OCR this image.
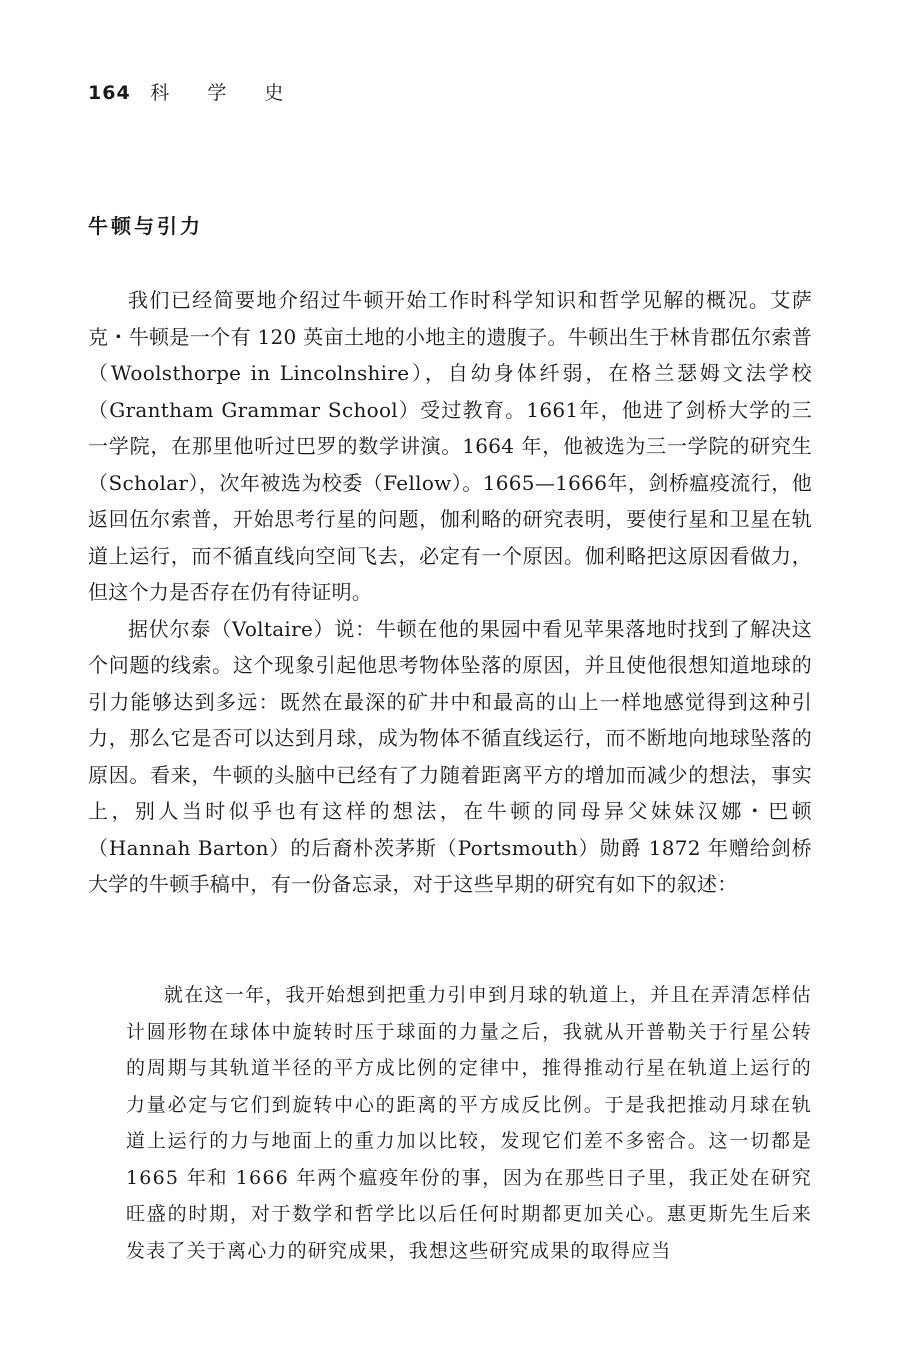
164 科 学 史
牛顿与引力

我们已经简要地介绍过牛顿开始工作时科学知识和哲学见解的概况。艾萨克・牛顿是一个有 120 英亩土地的小地主的遗腹子。牛顿出生于林肯郡伍尔索普（Woolsthorpe in Lincolnshire），自幼身体纤弱，在格兰瑟姆文法学校（Grantham Grammar School）受过教育。1661年，他进了剑桥大学的三一学院，在那里他听过巴罗的数学讲演。1664 年，他被选为三一学院的研究生（Scholar），次年被选为校委（Fellow）。1665—1666年，剑桥瘟疫流行，他返回伍尔索普，开始思考行星的问题，伽利略的研究表明，要使行星和卫星在轨道上运行，而不循直线向空间飞去，必定有一个原因。伽利略把这原因看做力，但这个力是否存在仍有待证明。

据伏尔泰（Voltaire）说：牛顿在他的果园中看见苹果落地时找到了解决这个问题的线索。这个现象引起他思考物体坠落的原因，并且使他很想知道地球的引力能够达到多远：既然在最深的矿井中和最高的山上一样地感觉得到这种引力，那么它是否可以达到月球，成为物体不循直线运行，而不断地向地球坠落的原因。看来，牛顿的头脑中已经有了力随着距离平方的增加而减少的想法，事实上，别人当时似乎也有这样的想法，在牛顿的同母异父妹妹汉娜・巴顿（Hannah Barton）的后裔朴茨茅斯（Portsmouth）勋爵 1872 年赠给剑桥大学的牛顿手稿中，有一份备忘录，对于这些早期的研究有如下的叙述：

就在这一年，我开始想到把重力引申到月球的轨道上，并且在弄清怎样估计圆形物在球体中旋转时压于球面的力量之后，我就从开普勒关于行星公转的周期与其轨道半径的平方成比例的定律中，推得推动行星在轨道上运行的力量必定与它们到旋转中心的距离的平方成反比例。于是我把推动月球在轨道上运行的力与地面上的重力加以比较，发现它们差不多密合。这一切都是 1665 年和 1666 年两个瘟疫年份的事，因为在那些日子里，我正处在研究旺盛的时期，对于数学和哲学比以后任何时期都更加关心。惠更斯先生后来发表了关于离心力的研究成果，我想这些研究成果的取得应当
